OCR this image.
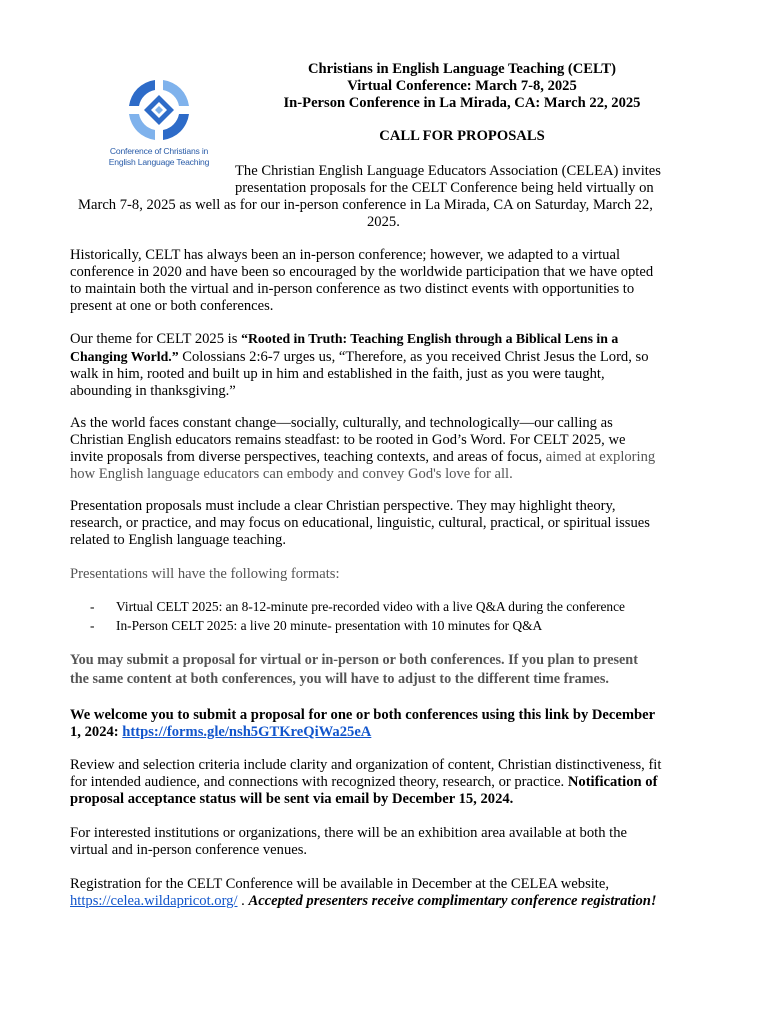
Conference of Christians in
English Language Teaching
Christians in English Language Teaching (CELT)
Virtual Conference: March 7-8, 2025
In-Person Conference in La Mirada, CA: March 22, 2025
CALL FOR PROPOSALS
The Christian English Language Educators Association (CELEA) invites
presentation proposals for the CELT Conference being held virtually on
March 7-8, 2025 as well as for our in-person conference in La Mirada, CA on Saturday, March 22,
2025.
Historically, CELT has always been an in-person conference; however, we adapted to a virtual
conference in 2020 and have been so encouraged by the worldwide participation that we have opted
to maintain both the virtual and in-person conference as two distinct events with opportunities to
present at one or both conferences.
Our theme for CELT 2025 is “Rooted in Truth: Teaching English through a Biblical Lens in a
Changing World.” Colossians 2:6-7 urges us, “Therefore, as you received Christ Jesus the Lord, so
walk in him, rooted and built up in him and established in the faith, just as you were taught,
abounding in thanksgiving.”
As the world faces constant change—socially, culturally, and technologically—our calling as
Christian English educators remains steadfast: to be rooted in God’s Word. For CELT 2025, we
invite proposals from diverse perspectives, teaching contexts, and areas of focus, aimed at exploring
how English language educators can embody and convey God's love for all.
Presentation proposals must include a clear Christian perspective. They may highlight theory,
research, or practice, and may focus on educational, linguistic, cultural, practical, or spiritual issues
related to English language teaching.
Presentations will have the following formats:
- Virtual CELT 2025: an 8-12-minute pre-recorded video with a live Q&A during the conference
- In-Person CELT 2025: a live 20 minute- presentation with 10 minutes for Q&A
You may submit a proposal for virtual or in-person or both conferences. If you plan to present
the same content at both conferences, you will have to adjust to the different time frames.
We welcome you to submit a proposal for one or both conferences using this link by December
1, 2024: https://forms.gle/nsh5GTKreQiWa25eA
Review and selection criteria include clarity and organization of content, Christian distinctiveness, fit
for intended audience, and connections with recognized theory, research, or practice. Notification of
proposal acceptance status will be sent via email by December 15, 2024.
For interested institutions or organizations, there will be an exhibition area available at both the
virtual and in-person conference venues.
Registration for the CELT Conference will be available in December at the CELEA website,
https://celea.wildapricot.org/ . Accepted presenters receive complimentary conference registration!
